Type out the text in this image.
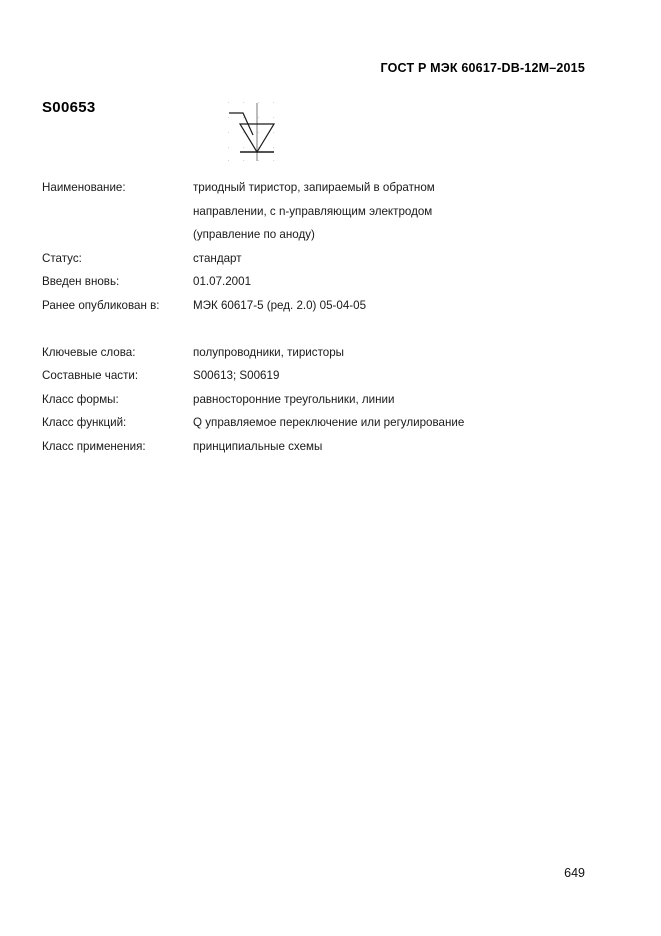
ГОСТ Р МЭК 60617-DB-12M–2015
S00653
Наименование:	триодный тиристор, запираемый в обратном
направлении, с n-управляющим электродом
(управление по аноду)
Статус:	стандарт
Введен вновь:	01.07.2001
Ранее опубликован в:	МЭК 60617-5 (ред. 2.0) 05-04-05
Ключевые слова:	полупроводники, тиристоры
Составные части:	S00613; S00619
Класс формы:	равносторонние треугольники, линии
Класс функций:	Q управляемое переключение или регулирование
Класс применения:	принципиальные схемы
649
